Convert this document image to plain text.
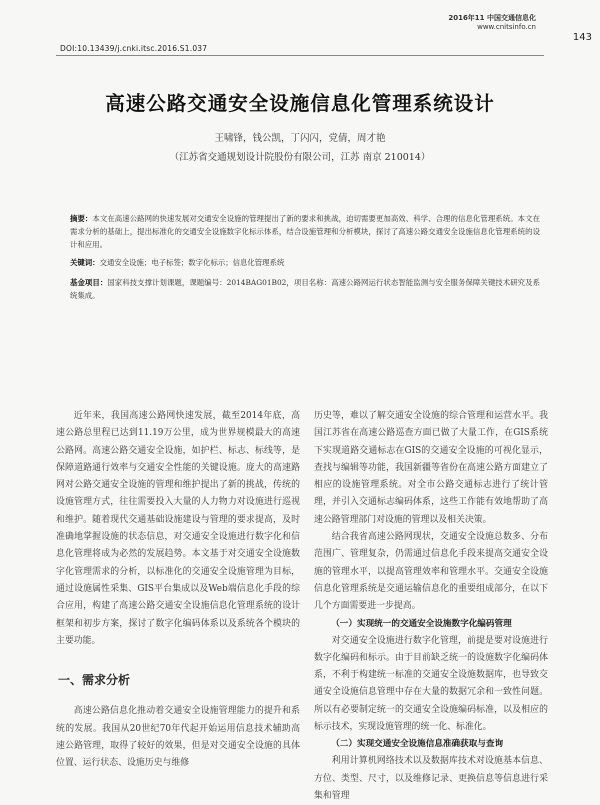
2016年11 中国交通信息化
www.cnitsinfo.cn
143
DOI:10.13439/j.cnki.itsc.2016.S1.037
高速公路交通安全设施信息化管理系统设计
王啸锋，钱公凯，丁闪闪，党倩，周才艳
（江苏省交通规划设计院股份有限公司，江苏 南京 210014）
摘要：本文在高速公路网的快速发展对交通安全设施的管理提出了新的要求和挑战，迫切需要更加高效、科学、合理的信息化管理系统。本文在需求分析的基础上，提出标准化的交通安全设施数字化标示体系，结合设施管理和分析模块，探讨了高速公路交通安全设施信息化管理系统的设计和应用。
关键词：交通安全设施；电子标签；数字化标示；信息化管理系统
基金项目：国家科技支撑计划课题，课题编号：2014BAG01B02，项目名称：高速公路网运行状态智能监测与安全服务保障关键技术研究及系统集成。

近年来，我国高速公路网快速发展，截至2014年底，高速公路总里程已达到11.19万公里，成为世界规模最大的高速公路网。高速公路交通安全设施，如护栏、标志、标线等，是保障道路通行效率与交通安全性能的关键设施。庞大的高速路网对公路交通安全设施的管理和维护提出了新的挑战，传统的设施管理方式，往往需要投入大量的人力物力对设施进行巡视和维护。随着现代交通基础设施建设与管理的要求提高，及时准确地掌握设施的状态信息，对交通安全设施进行数字化和信息化管理将成为必然的发展趋势。本文基于对交通安全设施数字化管理需求的分析，以标准化的交通安全设施管理为目标，通过设施属性采集、GIS平台集成以及Web端信息化手段的综合应用，构建了高速公路交通安全设施信息化管理系统的设计框架和初步方案，探讨了数字化编码体系以及系统各个模块的主要功能。

一、需求分析

高速公路信息化推动着交通安全设施管理能力的提升和系统的发展。我国从20世纪70年代起开始运用信息技术辅助高速公路管理，取得了较好的效果，但是对交通安全设施的具体位置、运行状态、设施历史与维修

历史等，难以了解交通安全设施的综合管理和运营水平。我国江苏省在高速公路巡查方面已做了大量工作，在GIS系统下实现道路交通标志在GIS的交通安全设施的可视化显示，查找与编辑等功能，我国新疆等省份在高速公路方面建立了相应的设施管理系统。对全市公路交通标志进行了统计管理，并引入交通标志编码体系，这些工作能有效地帮助了高速公路管理部门对设施的管理以及相关决策。

结合我省高速公路网现状，交通安全设施总数多、分布范围广、管理复杂，仍需通过信息化手段来提高交通安全设施的管理水平，以提高管理效率和管理水平。交通安全设施信息化管理系统是交通运输信息化的重要组成部分，在以下几个方面需要进一步提高。

（一）实现统一的交通安全设施数字化编码管理

对交通安全设施进行数字化管理，前提是要对设施进行数字化编码和标示。由于目前缺乏统一的设施数字化编码体系，不利于构建统一标准的交通安全设施数据库，也导致交通安全设施信息管理中存在大量的数据冗余和一致性问题。所以有必要制定统一的交通安全设施编码标准，以及相应的标示技术，实现设施管理的统一化、标准化。

（二）实现交通安全设施信息准确获取与查询

利用计算机网络技术以及数据库技术对设施基本信息、方位、类型、尺寸，以及维修记录、更换信息等信息进行采集和管理
